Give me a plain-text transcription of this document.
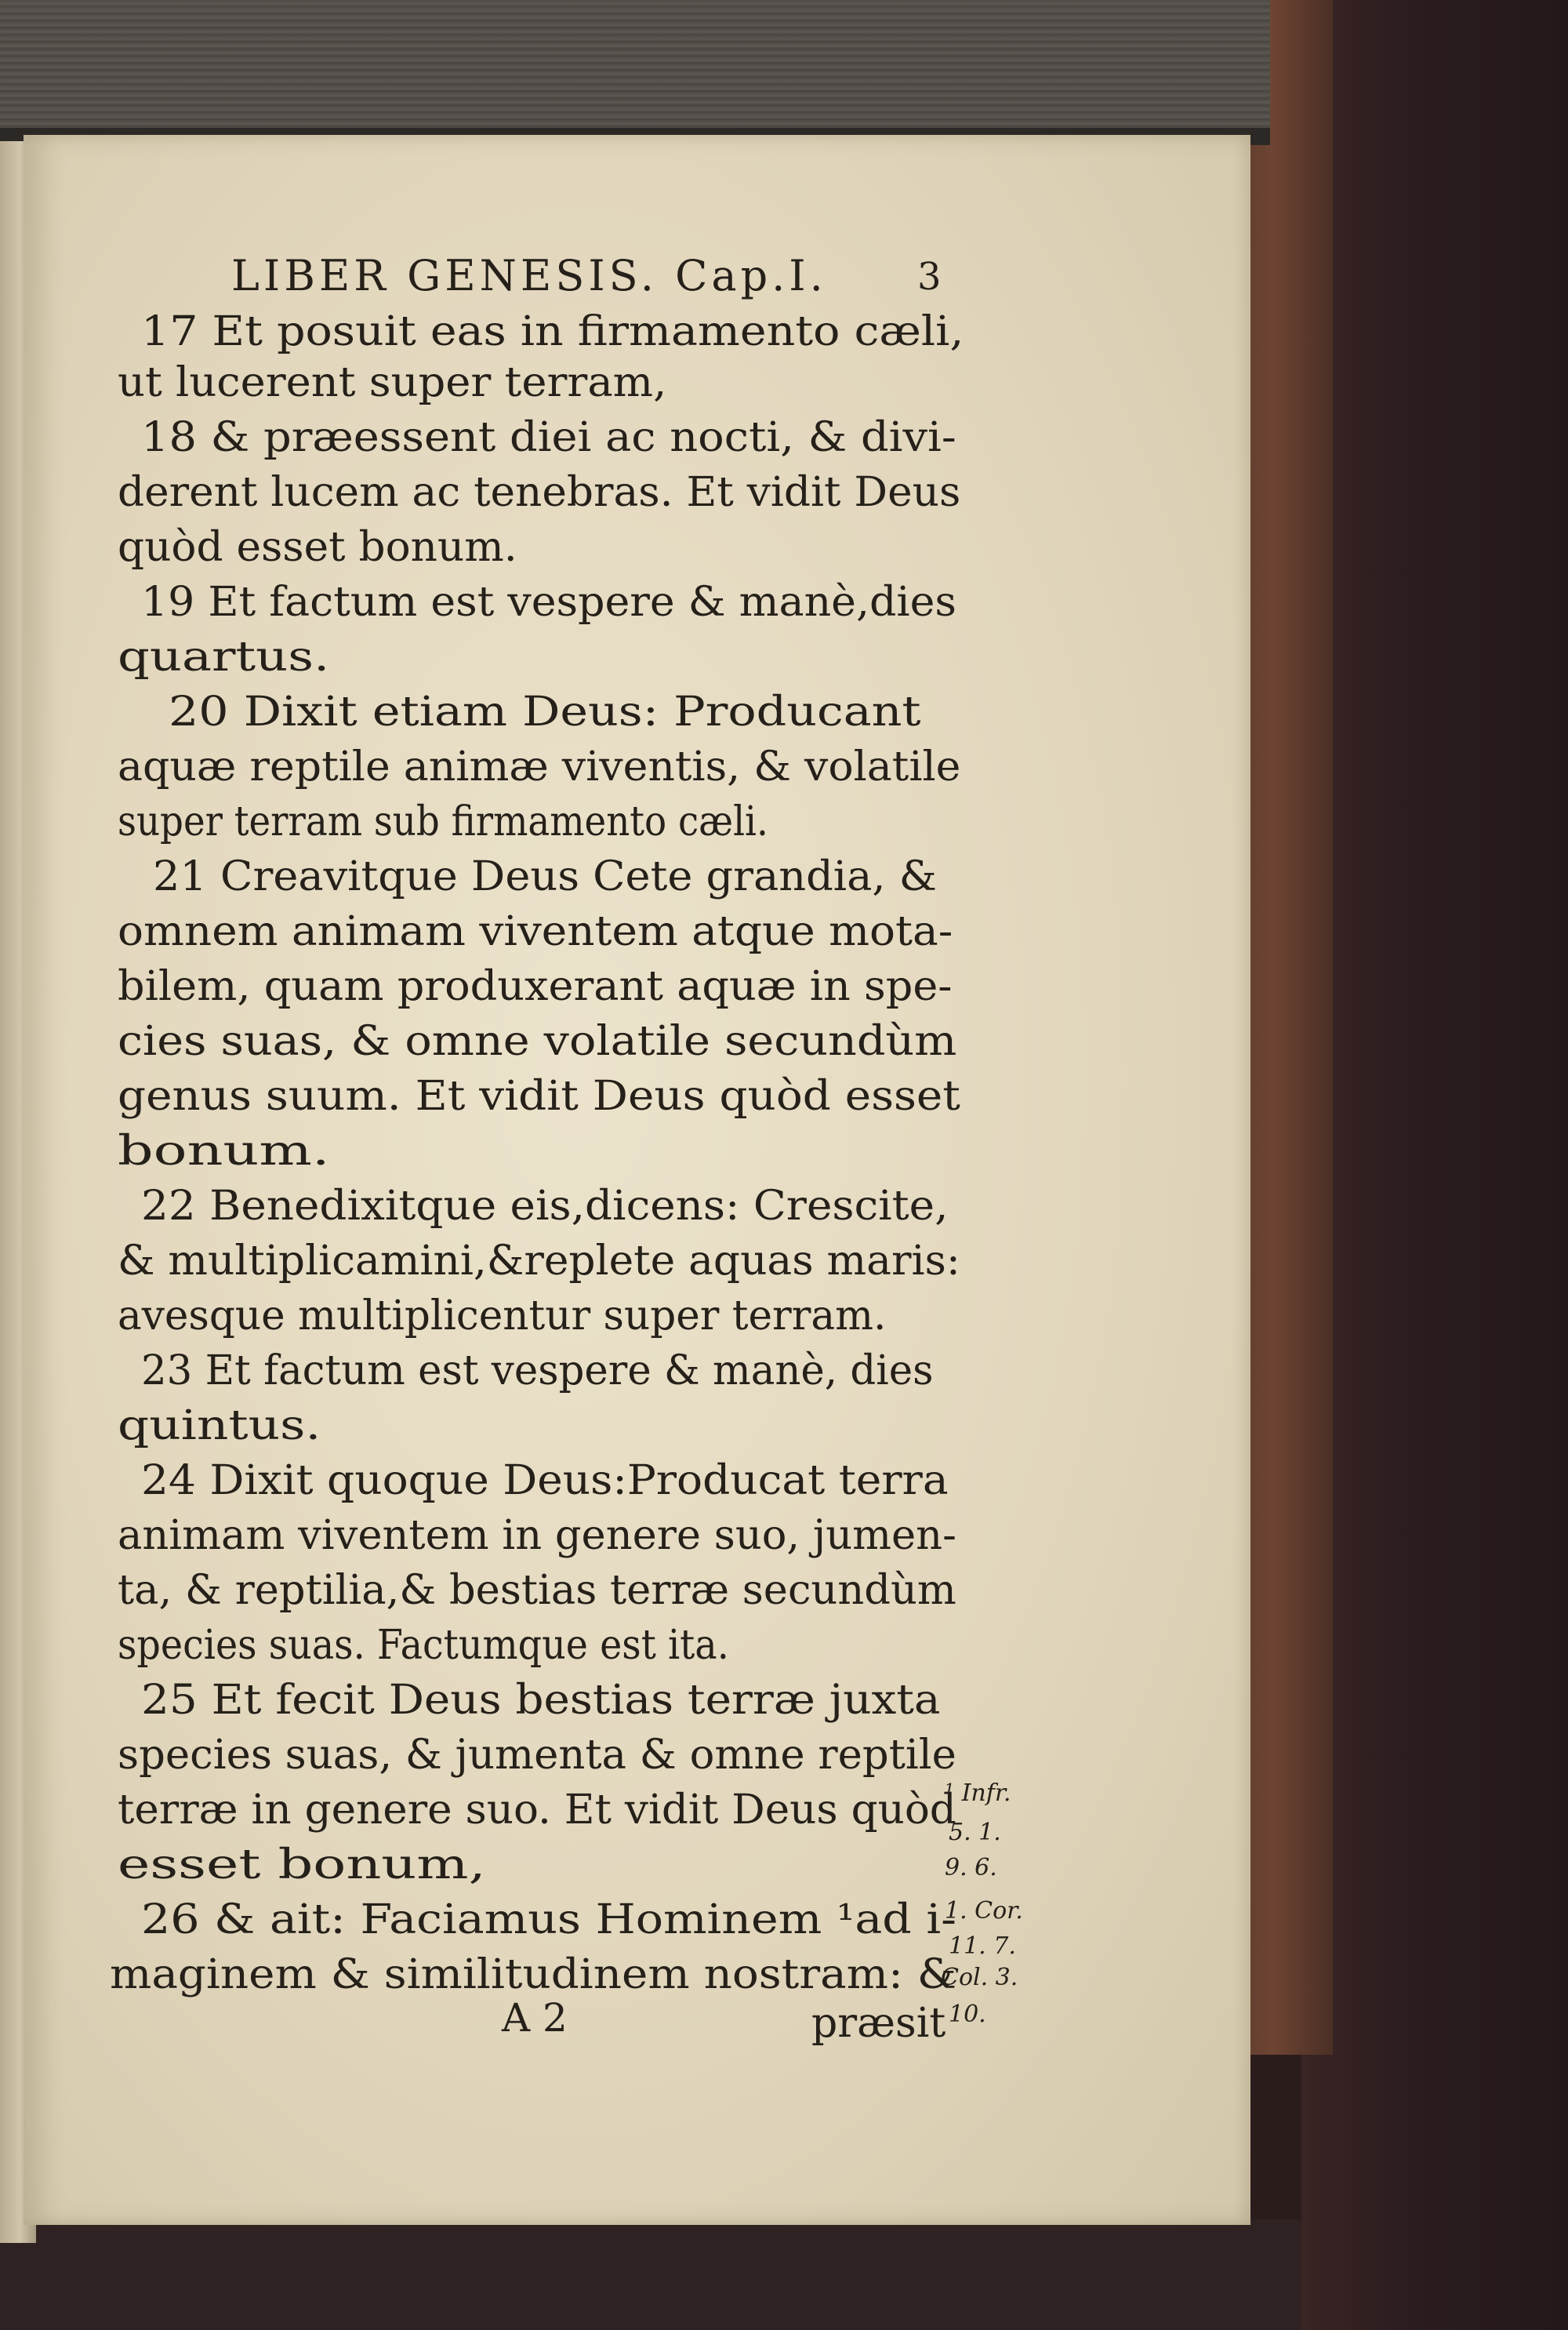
LIBER GENESIS. Cap.I. 3
17 Et posuit eas in firmamento cæli,
ut lucerent super terram,
18 & præessent diei ac nocti, & divi-
derent lucem ac tenebras. Et vidit Deus
quòd esset bonum.
19 Et factum est vespere & manè,dies
quartus.
20 Dixit etiam Deus: Producant
aquæ reptile animæ viventis, & volatile
super terram sub firmamento cæli.
21 Creavitque Deus Cete grandia, &
omnem animam viventem atque mota-
bilem, quam produxerant aquæ in spe-
cies suas, & omne volatile secundùm
genus suum. Et vidit Deus quòd esset
bonum.
22 Benedixitque eis,dicens: Crescite,
& multiplicamini,&replete aquas maris:
avesque multiplicentur super terram.
23 Et factum est vespere & manè, dies
quintus.
24 Dixit quoque Deus:Producat terra
animam viventem in genere suo, jumen-
ta, & reptilia,& bestias terræ secundùm
species suas. Factumque est ita.
25 Et fecit Deus bestias terræ juxta
species suas, & jumenta & omne reptile
terræ in genere suo. Et vidit Deus quòd
esset bonum,
26 & ait: Faciamus Hominem ¹ad i-
maginem & similitudinem nostram: &
A 2	præsit
¹ Infr.
5. 1.
9. 6.
1. Cor.
11. 7.
Col. 3.
10.
